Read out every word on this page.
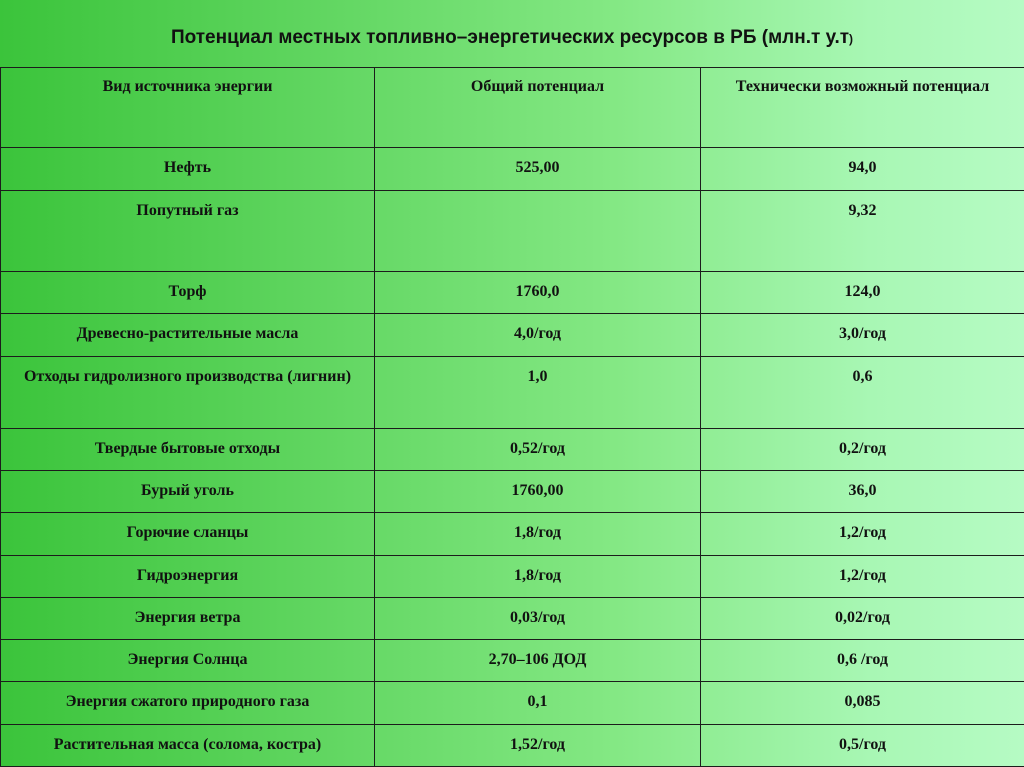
Потенциал местных топливно–энергетических ресурсов в РБ (млн.т у.т)
Вид источника энергии	Общий потенциал	Технически возможный потенциал
Нефть	525,00	94,0
Попутный газ		9,32
Торф	1760,0	124,0
Древесно-растительные масла	4,0/год	3,0/год
Отходы гидролизного производства (лигнин)	1,0	0,6
Твердые бытовые отходы	0,52/год	0,2/год
Бурый уголь	1760,00	36,0
Горючие сланцы	1,8/год	1,2/год
Гидроэнергия	1,8/год	1,2/год
Энергия ветра	0,03/год	0,02/год
Энергия Солнца	2,70–106 ДОД	0,6 /год
Энергия сжатого природного газа	0,1	0,085
Растительная масса (солома, костра)	1,52/год	0,5/год
